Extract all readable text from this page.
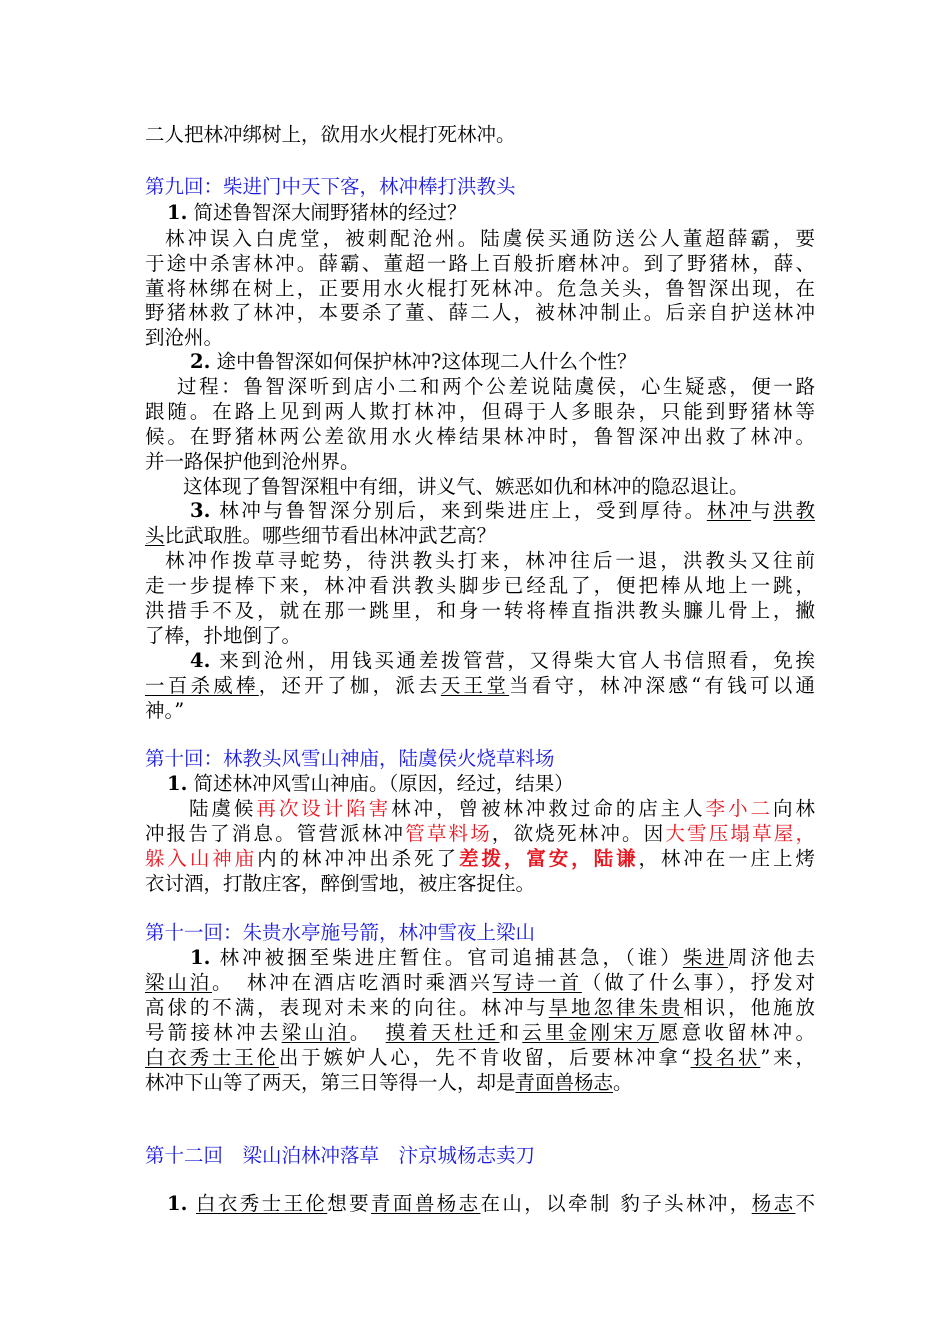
二人把林冲绑树上，欲用水火棍打死林冲。
第九回：柴进门中天下客，林冲棒打洪教头
1. 简述鲁智深大闹野猪林的经过？
林冲误入白虎堂，被刺配沧州。陆虞侯买通防送公人董超薛霸，要
于途中杀害林冲。薛霸、董超一路上百般折磨林冲。到了野猪林，薛、
董将林绑在树上，正要用水火棍打死林冲。危急关头，鲁智深出现，在
野猪林救了林冲，本要杀了董、薛二人，被林冲制止。后亲自护送林冲
到沧州。
2. 途中鲁智深如何保护林冲?这体现二人什么个性？
过程：鲁智深听到店小二和两个公差说陆虞侯，心生疑惑，便一路
跟随。在路上见到两人欺打林冲，但碍于人多眼杂，只能到野猪林等
候。在野猪林两公差欲用水火棒结果林冲时，鲁智深冲出救了林冲。
并一路保护他到沧州界。
这体现了鲁智深粗中有细，讲义气、嫉恶如仇和林冲的隐忍退让。
3. 林冲与鲁智深分别后，来到柴进庄上，受到厚待。林冲与洪教
头比武取胜。哪些细节看出林冲武艺高？
林冲作拨草寻蛇势，待洪教头打来，林冲往后一退，洪教头又往前
走一步提棒下来，林冲看洪教头脚步已经乱了，便把棒从地上一跳，
洪措手不及，就在那一跳里，和身一转将棒直指洪教头臁儿骨上，撇
了棒，扑地倒了。
4. 来到沧州，用钱买通差拨管营，又得柴大官人书信照看，免挨
一百杀威棒，还开了枷，派去天王堂当看守，林冲深感“有钱可以通
神。”
第十回：林教头风雪山神庙，陆虞侯火烧草料场
1. 简述林冲风雪山神庙。（原因，经过，结果）
陆虞候再次设计陷害林冲，曾被林冲救过命的店主人李小二向林
冲报告了消息。管营派林冲管草料场，欲烧死林冲。因大雪压塌草屋，
躲入山神庙内的林冲冲出杀死了差拨，富安，陆谦，林冲在一庄上烤
衣讨酒，打散庄客，醉倒雪地，被庄客捉住。
第十一回：朱贵水亭施号箭，林冲雪夜上梁山
1. 林冲被捆至柴进庄暂住。官司追捕甚急，（谁）柴进周济他去
梁山泊。　林冲在酒店吃酒时乘酒兴写诗一首（做了什么事），抒发对
高俅的不满，表现对未来的向往。林冲与旱地忽律朱贵相识，他施放
号箭接林冲去梁山泊。　摸着天杜迁和云里金刚宋万愿意收留林冲。
白衣秀士王伦出于嫉妒人心，先不肯收留，后要林冲拿“投名状”来，
林冲下山等了两天，第三日等得一人，却是青面兽杨志。
第十二回　梁山泊林冲落草　汴京城杨志卖刀
1. 白衣秀士王伦想要青面兽杨志在山，以牵制 豹子头林冲，杨志不
